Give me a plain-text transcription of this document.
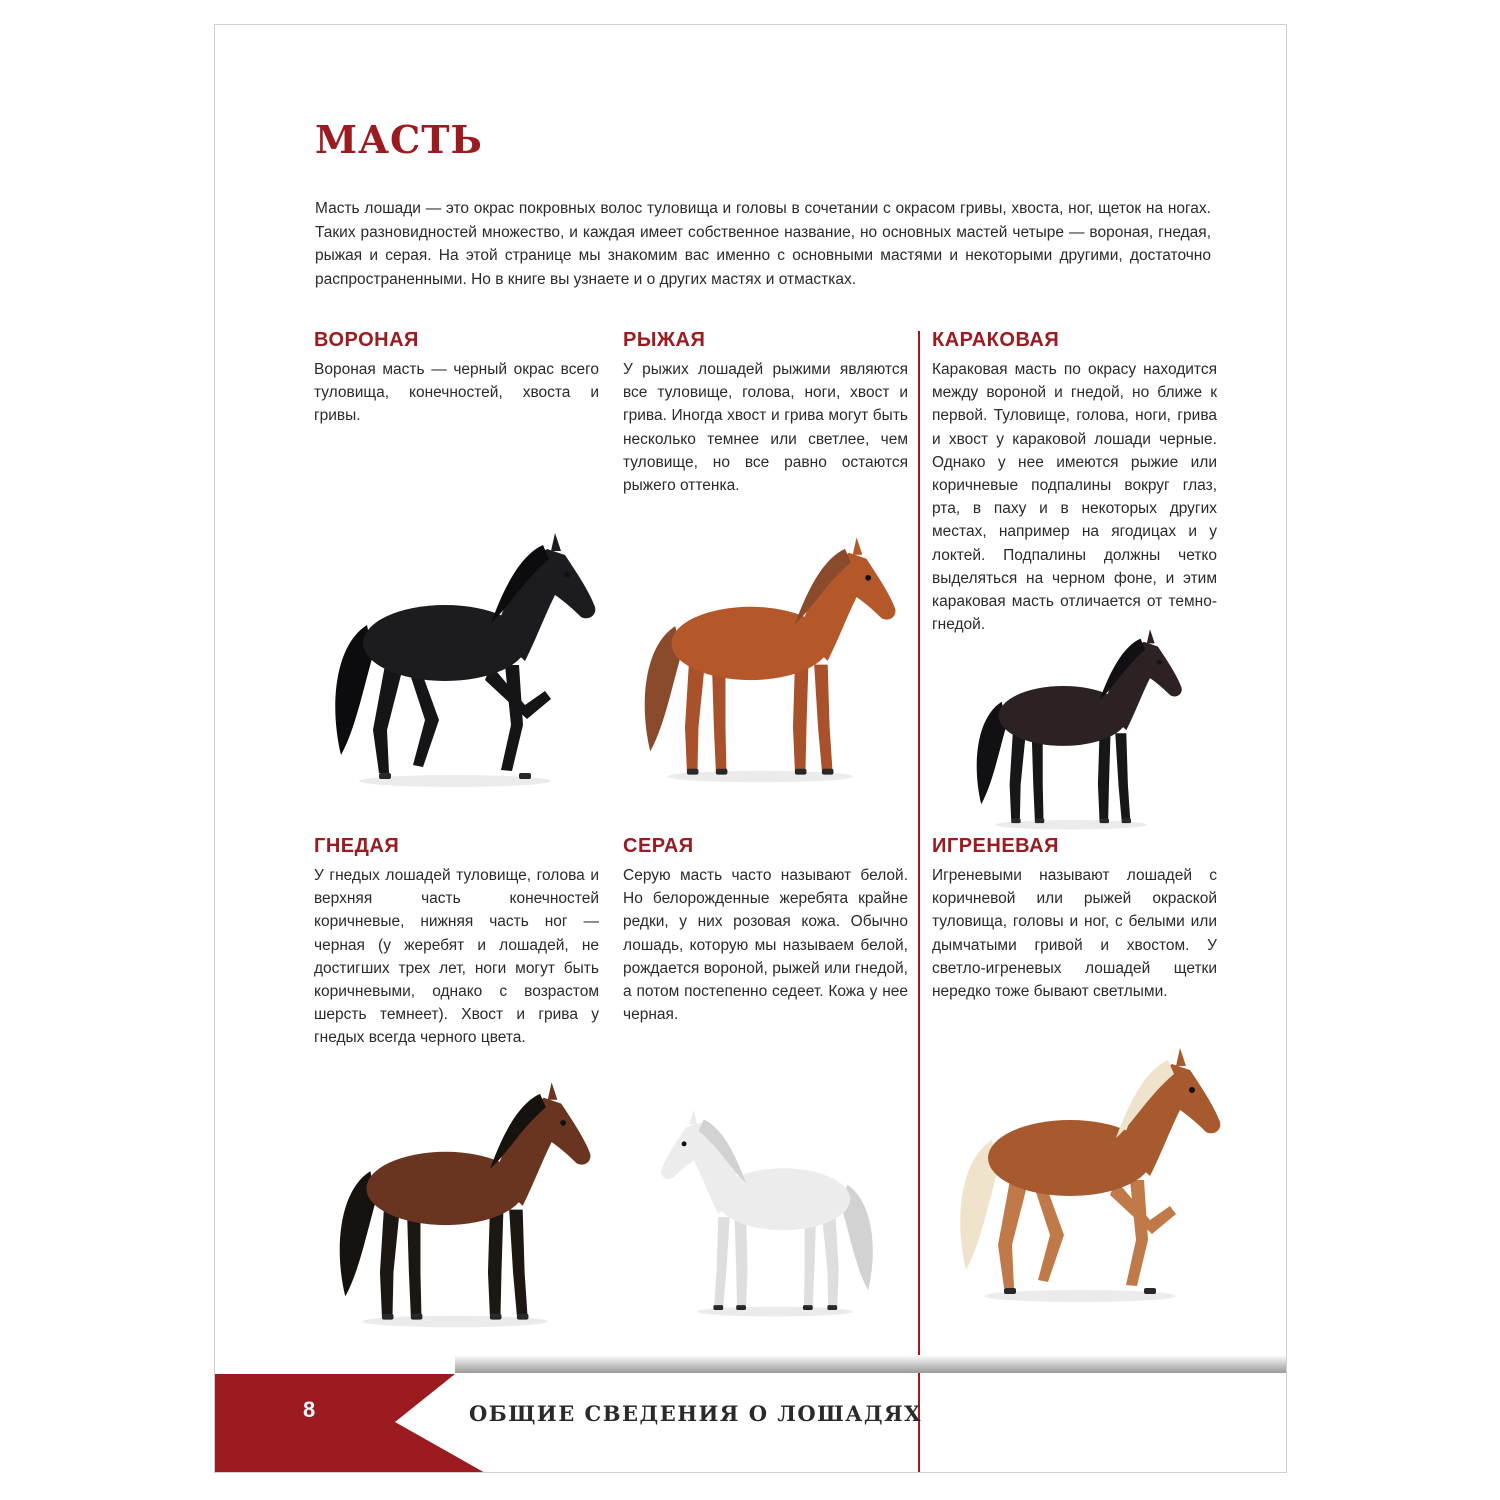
МАСТЬ

Масть лошади — это окрас покровных волос туловища и головы в сочетании с окрасом гривы, хвоста, ног, щеток на ногах. Таких разновидностей множество, и каждая имеет собственное название, но основных мастей четыре — вороная, гнедая, рыжая и серая. На этой странице мы знакомим вас именно с основными мастями и некоторыми другими, достаточно распространенными. Но в книге вы узнаете и о других мастях и отмастках.

ВОРОНАЯ

Вороная масть — черный окрас всего туловища, конечностей, хвоста и гривы.

РЫЖАЯ

У рыжих лошадей рыжими являются все туловище, голова, ноги, хвост и грива. Иногда хвост и грива могут быть несколько темнее или светлее, чем туловище, но все равно остаются рыжего оттенка.

КАРАКОВАЯ

Караковая масть по окрасу находится между вороной и гнедой, но ближе к первой. Туловище, голова, ноги, грива и хвост у караковой лошади черные. Однако у нее имеются рыжие или коричневые подпалины вокруг глаз, рта, в паху и в некоторых других местах, например на ягодицах и у локтей. Подпалины должны четко выделяться на черном фоне, и этим караковая масть отличается от темно-гнедой.

ГНЕДАЯ

У гнедых лошадей туловище, голова и верхняя часть конечностей коричневые, нижняя часть ног — черная (у жеребят и лошадей, не достигших трех лет, ноги могут быть коричневыми, однако с возрастом шерсть темнеет). Хвост и грива у гнедых всегда черного цвета.

СЕРАЯ

Серую масть часто называют белой. Но белорожденные жеребята крайне редки, у них розовая кожа. Обычно лошадь, которую мы называем белой, рождается вороной, рыжей или гнедой, а потом постепенно седеет. Кожа у нее черная.

ИГРЕНЕВАЯ

Игреневыми называют лошадей с коричневой или рыжей окраской туловища, головы и ног, с белыми или дымчатыми гривой и хвостом. У светло-игреневых лошадей щетки нередко тоже бывают светлыми.

8	ОБЩИЕ СВЕДЕНИЯ О ЛОШАДЯХ
